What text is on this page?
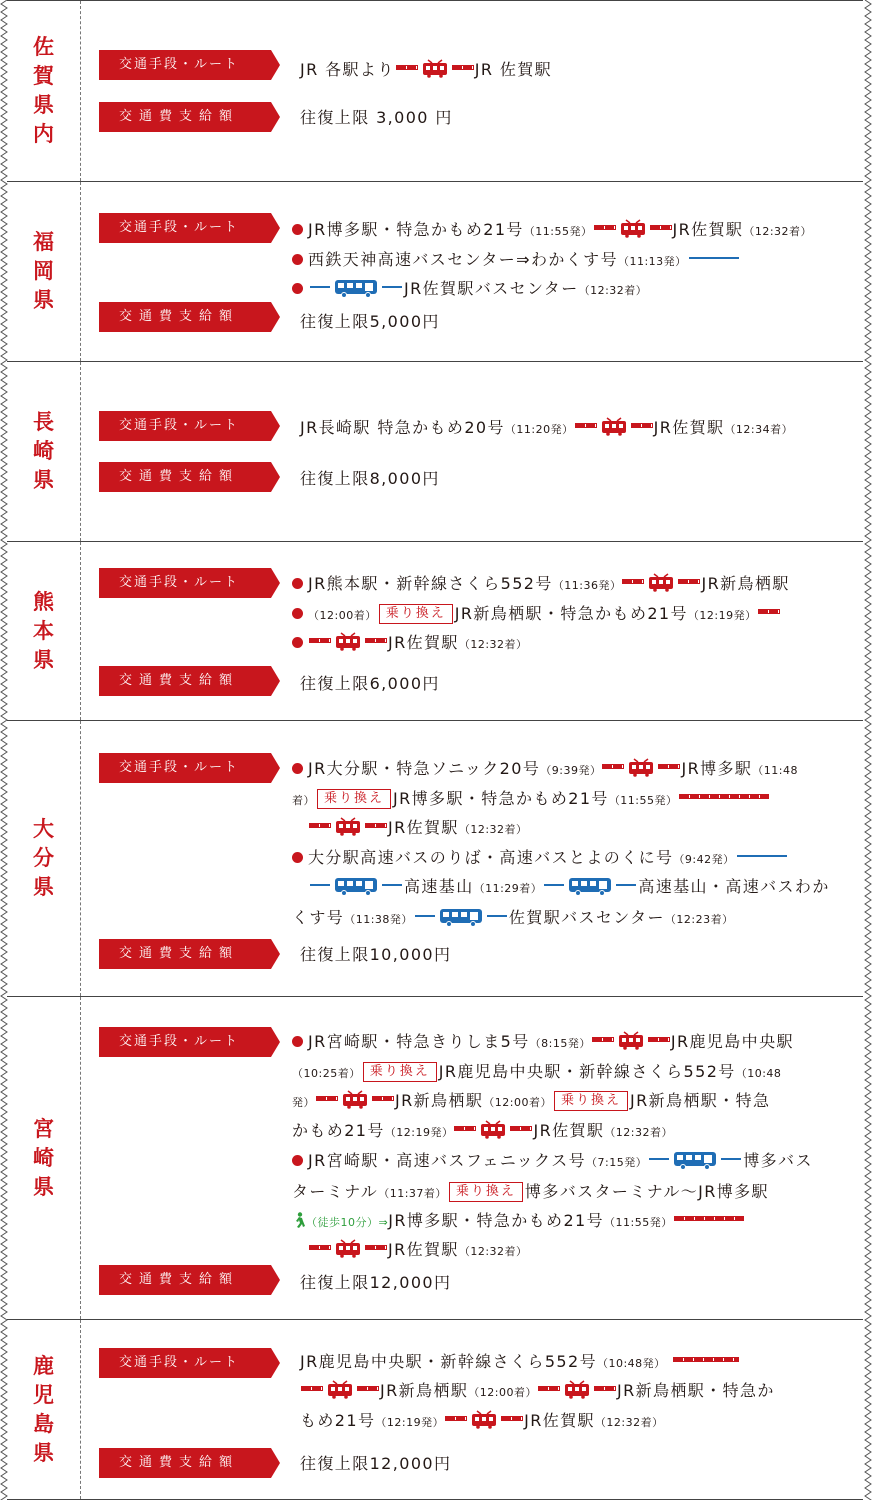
佐賀県内
交通手段・ルート	JR 各駅より	JR 佐賀駅

交通費支給額	往復上限 3,000 円
福岡県
交通手段・ルート	JR博多駅・特急かもめ21号（11:55発）	JR佐賀駅（12:32着）

西鉄天神高速バスセンター⇒わかくす号（11:13発）

JR佐賀駅バスセンター（12:32着）

交通費支給額	往復上限5,000円
長崎県
交通手段・ルート	JR長崎駅 特急かもめ20号（11:20発）	JR佐賀駅（12:34着）

交通費支給額	往復上限8,000円
熊本県
交通手段・ルート	JR熊本駅・新幹線さくら552号（11:36発）	JR新鳥栖駅

（12:00着） 乗り換え JR新鳥栖駅・特急かもめ21号（12:19発）

JR佐賀駅（12:32着）

交通費支給額	往復上限6,000円
大分県
交通手段・ルート	JR大分駅・特急ソニック20号（9:39発）	JR博多駅（11:48

着） 乗り換え JR博多駅・特急かもめ21号（11:55発）

JR佐賀駅（12:32着）

大分駅高速バスのりば・高速バスとよのくに号（9:42発）

高速基山（11:29着）	高速基山・高速バスわか

くす号（11:38発）	佐賀駅バスセンター（12:23着）

交通費支給額	往復上限10,000円
宮崎県
交通手段・ルート	JR宮崎駅・特急きりしま5号（8:15発）	JR鹿児島中央駅

（10:25着） 乗り換え JR鹿児島中央駅・新幹線さくら552号（10:48

発）	JR新鳥栖駅（12:00着） 乗り換え JR新鳥栖駅・特急

かもめ21号（12:19発）	JR佐賀駅（12:32着）

JR宮崎駅・高速バスフェニックス号（7:15発）	博多バス

ターミナル（11:37着） 乗り換え 博多バスターミナル〜JR博多駅

（徒歩10分）⇒JR博多駅・特急かもめ21号（11:55発）

JR佐賀駅（12:32着）

交通費支給額	往復上限12,000円
鹿児島県
交通手段・ルート	JR鹿児島中央駅・新幹線さくら552号（10:48発）

JR新鳥栖駅（12:00着）	JR新鳥栖駅・特急か

もめ21号（12:19発）	JR佐賀駅（12:32着）

交通費支給額	往復上限12,000円
